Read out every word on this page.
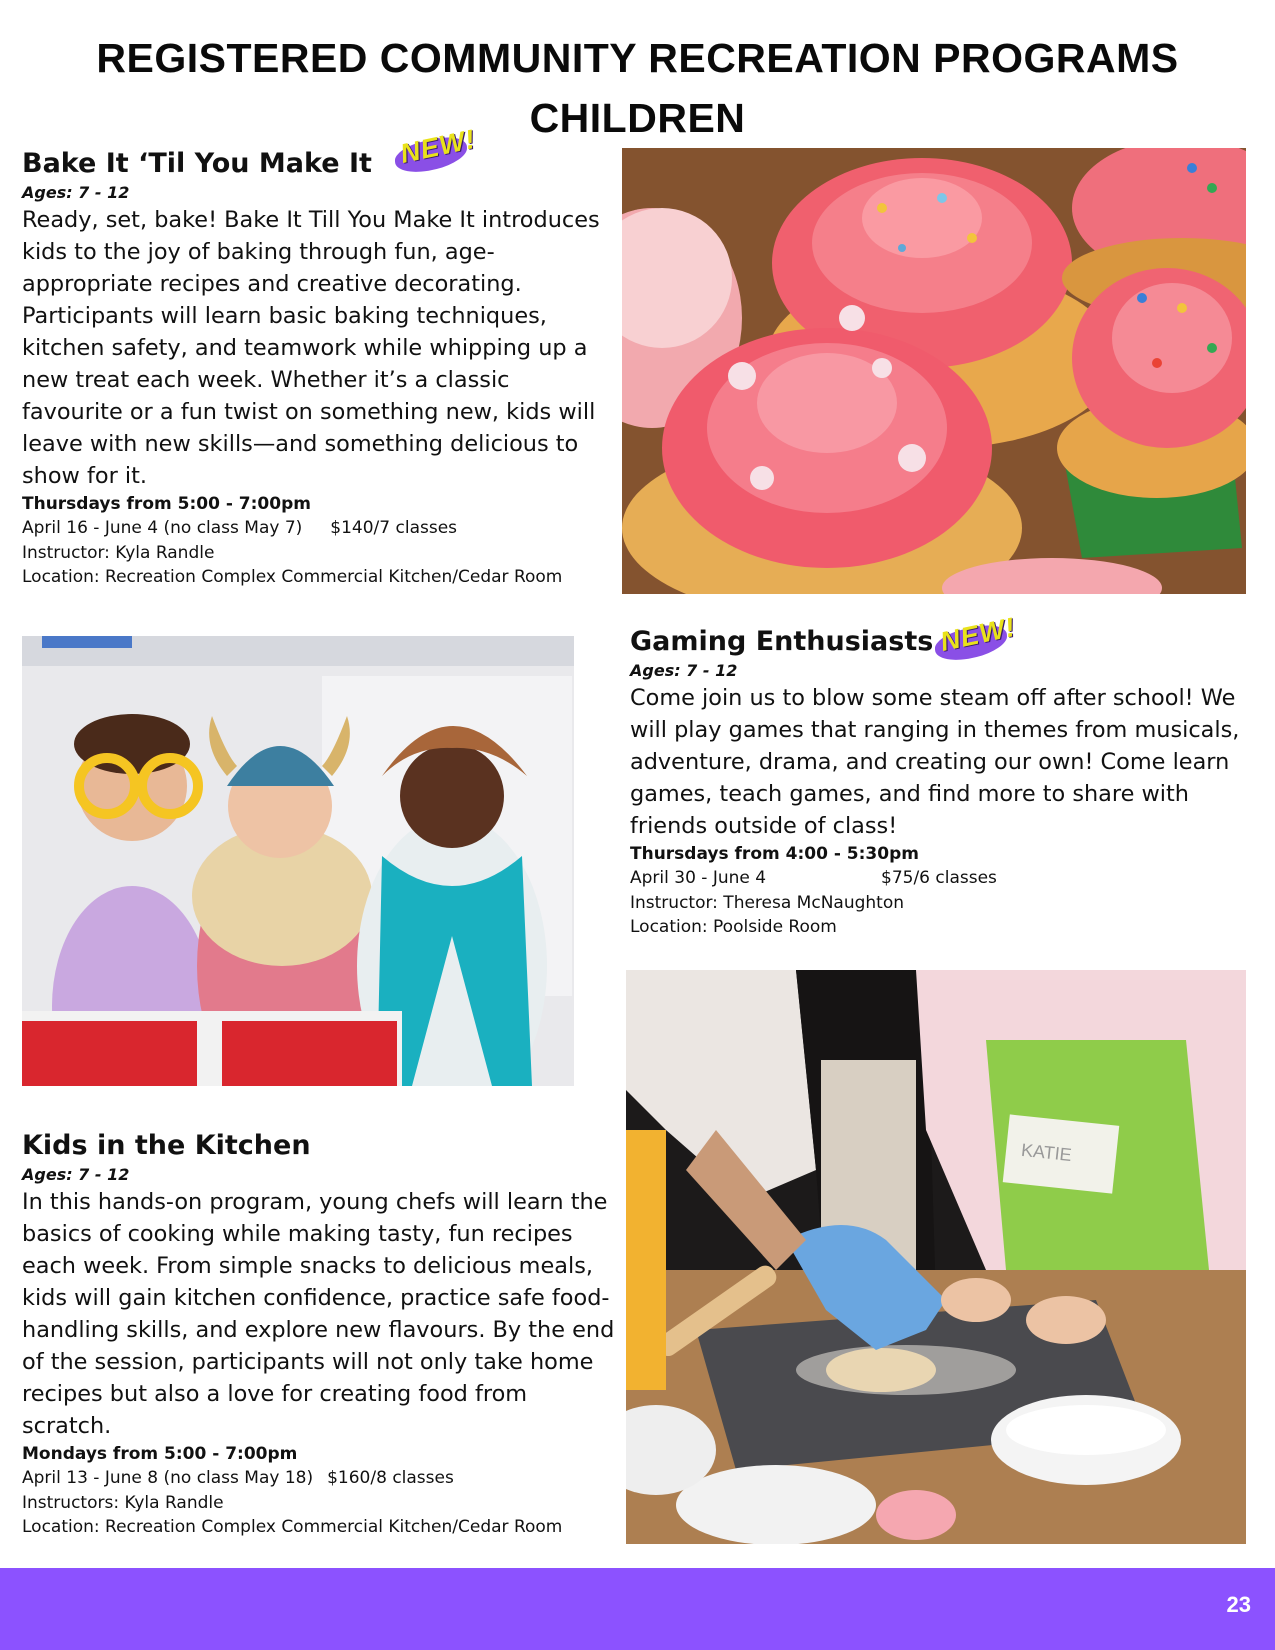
REGISTERED COMMUNITY RECREATION PROGRAMS
CHILDREN
Bake It ‘Til You Make It
Ages: 7 - 12
Ready, set, bake! Bake It Till You Make It introduces kids to the joy of baking through fun, age-appropriate recipes and creative decorating. Participants will learn basic baking techniques, kitchen safety, and teamwork while whipping up a new treat each week. Whether it’s a classic favourite or a fun twist on something new, kids will leave with new skills—and something delicious to show for it.
Thursdays from 5:00 - 7:00pm
April 16 - June 4 (no class May 7) $140/7 classes
Instructor: Kyla Randle
Location: Recreation Complex Commercial Kitchen/Cedar Room
NEW!
Gaming Enthusiasts
Ages: 7 - 12
Come join us to blow some steam off after school! We will play games that ranging in themes from musicals, adventure, drama, and creating our own! Come learn games, teach games, and find more to share with friends outside of class!
Thursdays from 4:00 - 5:30pm
April 30 - June 4	$75/6 classes
Instructor: Theresa McNaughton
Location: Poolside Room
NEW!
KATIE
Kids in the Kitchen
Ages: 7 - 12
In this hands-on program, young chefs will learn the basics of cooking while making tasty, fun recipes each week. From simple snacks to delicious meals, kids will gain kitchen confidence, practice safe food-handling skills, and explore new flavours. By the end of the session, participants will not only take home recipes but also a love for creating food from scratch.
Mondays from 5:00 - 7:00pm
April 13 - June 8 (no class May 18) $160/8 classes
Instructors: Kyla Randle
Location: Recreation Complex Commercial Kitchen/Cedar Room
23
